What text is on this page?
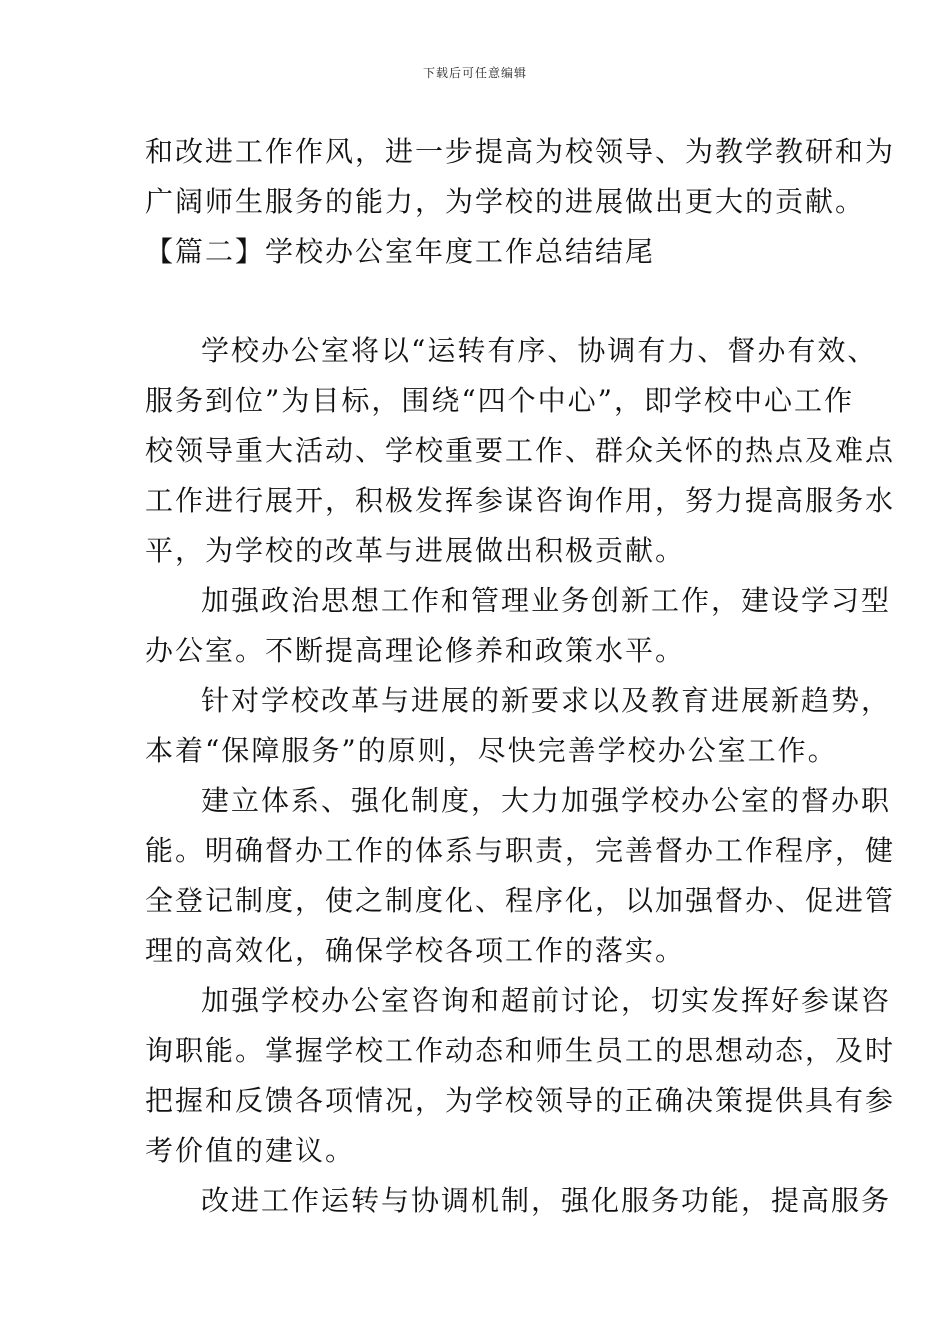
下载后可任意编辑
和改进工作作风，进一步提高为校领导、为教学教研和为
广阔师生服务的能力，为学校的进展做出更大的贡献。
【篇二】学校办公室年度工作总结结尾
学校办公室将以“运转有序、协调有力、督办有效、
服务到位”为目标，围绕“四个中心”，即学校中心工作
校领导重大活动、学校重要工作、群众关怀的热点及难点
工作进行展开，积极发挥参谋咨询作用，努力提高服务水
平，为学校的改革与进展做出积极贡献。
加强政治思想工作和管理业务创新工作，建设学习型
办公室。不断提高理论修养和政策水平。
针对学校改革与进展的新要求以及教育进展新趋势，
本着“保障服务”的原则，尽快完善学校办公室工作。
建立体系、强化制度，大力加强学校办公室的督办职
能。明确督办工作的体系与职责，完善督办工作程序，健
全登记制度，使之制度化、程序化，以加强督办、促进管
理的高效化，确保学校各项工作的落实。
加强学校办公室咨询和超前讨论，切实发挥好参谋咨
询职能。掌握学校工作动态和师生员工的思想动态，及时
把握和反馈各项情况，为学校领导的正确决策提供具有参
考价值的建议。
改进工作运转与协调机制，强化服务功能，提高服务
